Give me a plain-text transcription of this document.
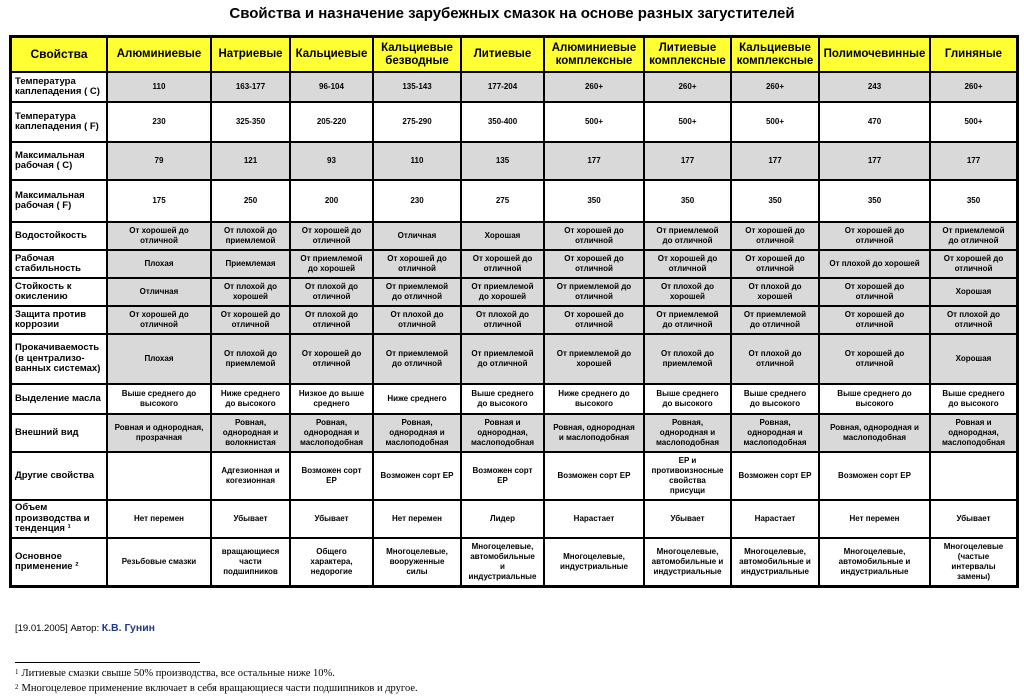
Свойства и назначение зарубежных смазок на основе разных загустителей
Свойства	Алюминиевые	Натриевые	Кальциевые	Кальциевые безводные	Литиевые	Алюминиевые комплексные	Литиевые комплексные	Кальциевые комплексные	Полимочевинные	Глиняные
Температура каплепадения ( C)	110	163-177	96-104	135-143	177-204	260+	260+	260+	243	260+

Температура каплепадения ( F)	230	325-350	205-220	275-290	350-400	500+	500+	500+	470	500+

Максимальная рабочая ( C)	79	121	93	110	135	177	177	177	177	177

Максимальная рабочая ( F)	175	250	200	230	275	350	350	350	350	350

Водостойкость	От хорошей до отличной	От плохой до приемлемой	От хорошей до отличной	Отличная	Хорошая	От хорошей до отличной	От приемлемой до отличной	От хорошей до отличной	От хорошей до отличной	От приемлемой до отличной

Рабочая стабильность	Плохая	Приемлемая	От приемлемой до хорошей	От хорошей до отличной	От хорошей до отличной	От хорошей до отличной	От хорошей до отличной	От хорошей до отличной	От плохой до хорошей	От хорошей до отличной

Стойкость к окислению	Отличная	От плохой до хорошей	От плохой до отличной	От приемлемой до отличной	От приемлемой до хорошей	От приемлемой до отличной	От плохой до хорошей	От плохой до хорошей	От хорошей до отличной	Хорошая

Защита против коррозии	От хорошей до отличной	От хорошей до отличной	От плохой до отличной	От плохой до отличной	От плохой до отличной	От хорошей до отличной	От приемлемой до отличной	От приемлемой до отличной	От хорошей до отличной	От плохой до отличной

Прокачиваемость (в централизо- ванных системах)	Плохая	От плохой до приемлемой	От хорошей до отличной	От приемлемой до отличной	От приемлемой до отличной	От приемлемой до хорошей	От плохой до приемлемой	От плохой до отличной	От хорошей до отличной	Хорошая

Выделение масла	Выше среднего до высокого	Ниже среднего до высокого	Низкое до выше среднего	Ниже среднего	Выше среднего до высокого	Ниже среднего до высокого	Выше среднего до высокого	Выше среднего до высокого	Выше среднего до высокого	Выше среднего до высокого

Внешний вид	Ровная и однородная, прозрачная	Ровная, однородная и волокнистая	Ровная, однородная и маслоподобная	Ровная, однородная и маслоподобная	Ровная и однородная, маслоподобная	Ровная, однородная и маслоподобная	Ровная, однородная и маслоподобная	Ровная, однородная и маслоподобная	Ровная, однородная и маслоподобная	Ровная и однородная, маслоподобная

Другие свойства		Адгезионная и когезионная	Возможен сорт EP	Возможен сорт EP	Возможен сорт EP	Возможен сорт EP	EP и противоизносные свойства присущи	Возможен сорт EP	Возможен сорт EP	

Объем производства и тенденция ¹	Нет перемен	Убывает	Убывает	Нет перемен	Лидер	Нарастает	Убывает	Нарастает	Нет перемен	Убывает

Основное применение ²	Резьбовые смазки	вращающиеся части подшипников	Общего характера, недорогие	Многоцелевые, вооруженные силы	Многоцелевые, автомобильные и индустриальные	Многоцелевые, индустриальные	Многоцелевые, автомобильные и индустриальные	Многоцелевые, автомобильные и индустриальные	Многоцелевые, автомобильные и индустриальные	Многоцелевые (частые интервалы замены)
[19.01.2005] Автор: К.В. Гунин
$^1$ Литиевые смазки свыше 50% производства, все остальные ниже 10%.
$^2$ Многоцелевое применение включает в себя вращающиеся части подшипников и другое.
